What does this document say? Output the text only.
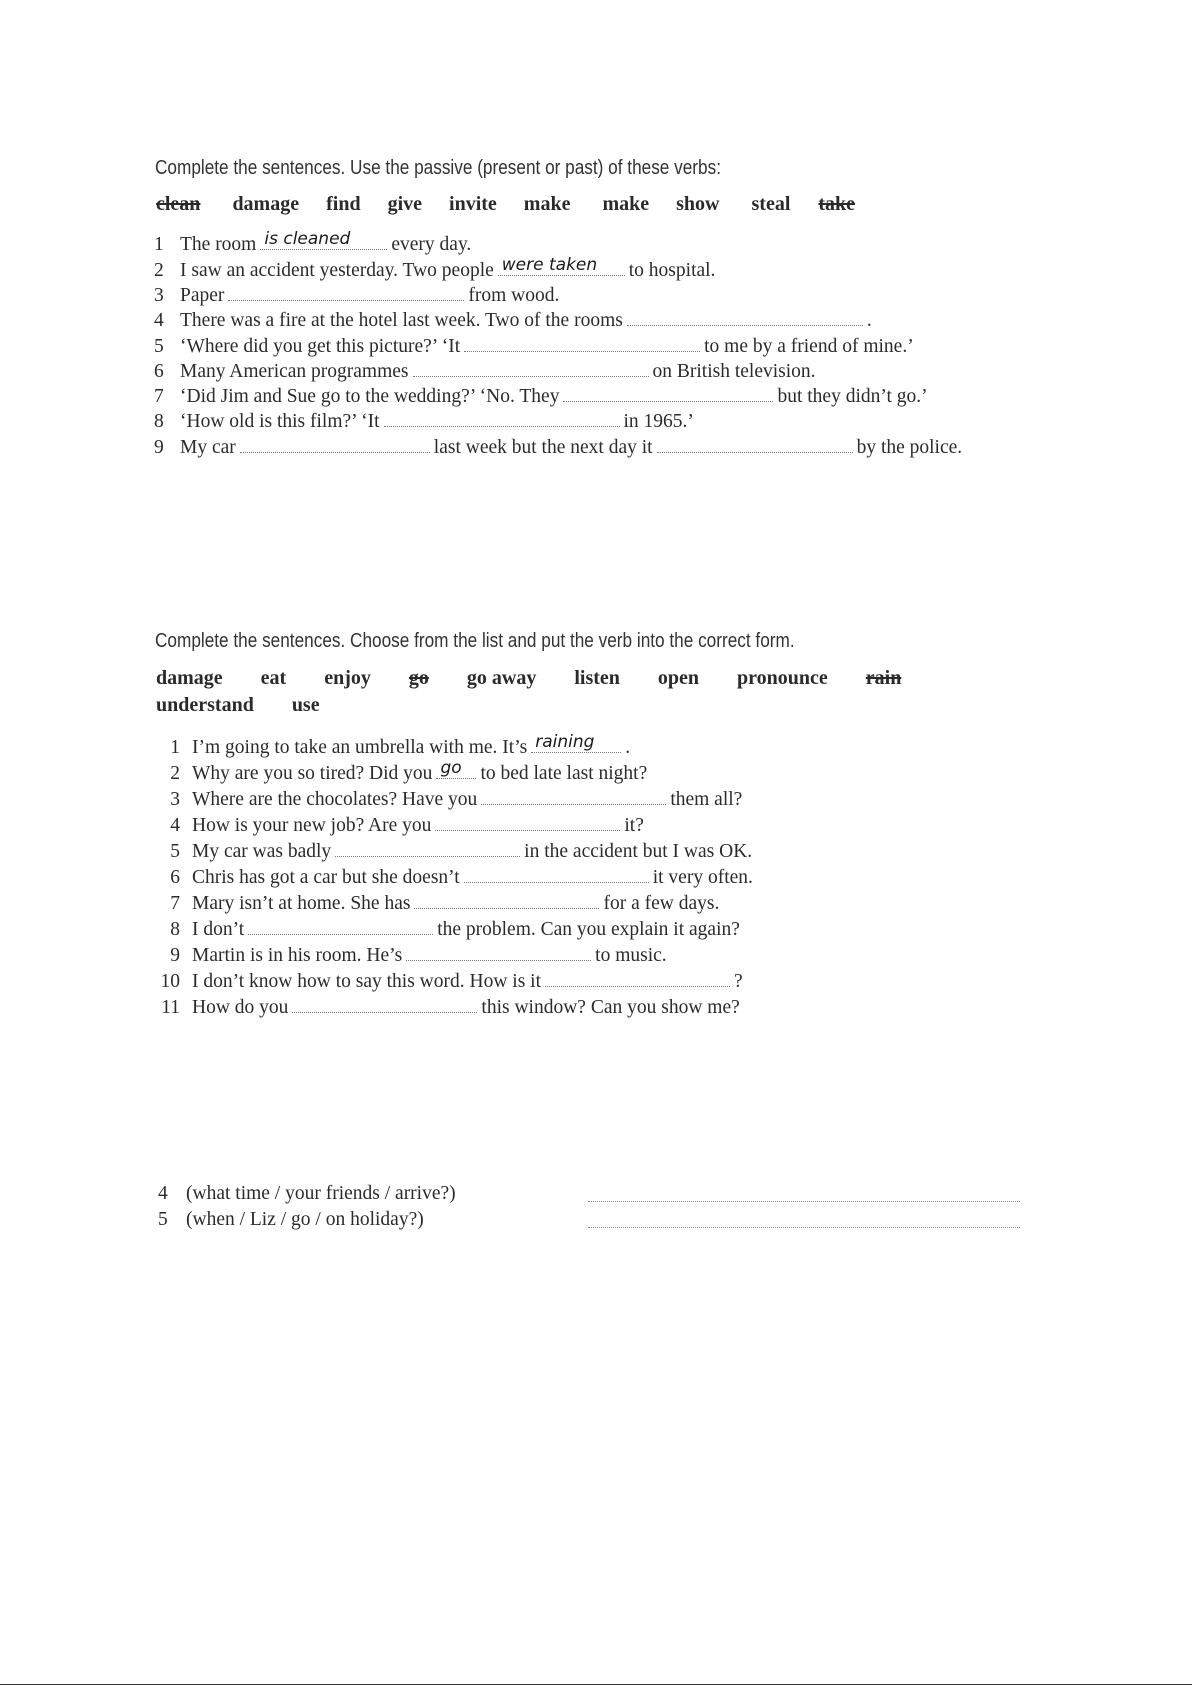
Complete the sentences. Use the passive (present or past) of these verbs:
clean damage find give invite make make show steal take
1 The room is cleaned every day.
2 I saw an accident yesterday. Two people were taken to hospital.
3 Paper	from wood.
4 There was a fire at the hotel last week. Two of the rooms	.
5 ‘Where did you get this picture?’ ‘It	to me by a friend of mine.’
6 Many American programmes	on British television.
7 ‘Did Jim and Sue go to the wedding?’ ‘No. They	but they didn’t go.’
8 ‘How old is this film?’ ‘It	in 1965.’
9 My car	last week but the next day it	by the police.
Complete the sentences. Choose from the list and put the verb into the correct form.
damage eat enjoy go go away listen open pronounce rain
understand use
1 I’m going to take an umbrella with me. It’s raining .
2 Why are you so tired? Did you go to bed late last night?
3 Where are the chocolates? Have you	them all?
4 How is your new job? Are you	it?
5 My car was badly	in the accident but I was OK.
6 Chris has got a car but she doesn’t	it very often.
7 Mary isn’t at home. She has	for a few days.
8 I don’t	the problem. Can you explain it again?
9 Martin is in his room. He’s	to music.
10 I don’t know how to say this word. How is it	?
11 How do you	this window? Can you show me?
4 (what time / your friends / arrive?)
5 (when / Liz / go / on holiday?)
